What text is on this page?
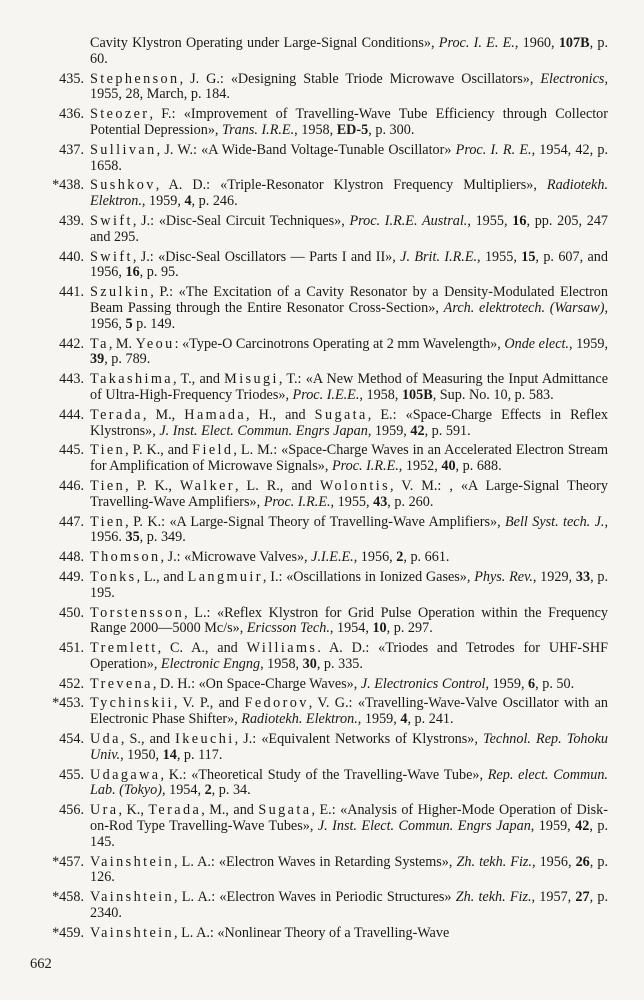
Cavity Klystron Operating under Large-Signal Conditions», Proc. I. E. E., 1960, 107B, p. 60.
435. Stephenson, J. G.: «Designing Stable Triode Microwave Oscillators», Electronics, 1955, 28, March, p. 184.
436. Steozer, F.: «Improvement of Travelling-Wave Tube Efficiency through Collector Potential Depression», Trans. I.R.E., 1958, ED-5, p. 300.
437. Sullivan, J. W.: «A Wide-Band Voltage-Tunable Oscillator» Proc. I. R. E., 1954, 42, p. 1658.
*438. Sushkov, A. D.: «Triple-Resonator Klystron Frequency Multipliers», Radiotekh. Elektron., 1959, 4, p. 246.
439. Swift, J.: «Disc-Seal Circuit Techniques», Proc. I.R.E. Austral., 1955, 16, pp. 205, 247 and 295.
440. Swift, J.: «Disc-Seal Oscillators — Parts I and II», J. Brit. I.R.E., 1955, 15, p. 607, and 1956, 16, p. 95.
441. Szulkin, P.: «The Excitation of a Cavity Resonator by a Density-Modulated Electron Beam Passing through the Entire Resonator Cross-Section», Arch. elektrotech. (Warsaw), 1956, 5 p. 149.
442. Ta, M. Yeou: «Type-O Carcinotrons Operating at 2 mm Wavelength», Onde elect., 1959, 39, p. 789.
443. Takashima, T., and Misugi, T.: «A New Method of Measuring the Input Admittance of Ultra-High-Frequency Triodes», Proc. I.E.E., 1958, 105B, Sup. No. 10, p. 583.
444. Terada, M., Hamada, H., and Sugata, E.: «Space-Charge Effects in Reflex Klystrons», J. Inst. Elect. Commun. Engrs Japan, 1959, 42, p. 591.
445. Tien, P. K., and Field, L. M.: «Space-Charge Waves in an Accelerated Electron Stream for Amplification of Microwave Signals», Proc. I.R.E., 1952, 40, p. 688.
446. Tien, P. K., Walker, L. R., and Wolontis, V. M.: , «A Large-Signal Theory Travelling-Wave Amplifiers», Proc. I.R.E., 1955, 43, p. 260.
447. Tien, P. K.: «A Large-Signal Theory of Travelling-Wave Amplifiers», Bell Syst. tech. J., 1956. 35, p. 349.
448. Thomson, J.: «Microwave Valves», J.I.E.E., 1956, 2, p. 661.
449. Tonks, L., and Langmuir, I.: «Oscillations in Ionized Gases», Phys. Rev., 1929, 33, p. 195.
450. Torstensson, L.: «Reflex Klystron for Grid Pulse Operation within the Frequency Range 2000—5000 Mc/s», Ericsson Tech., 1954, 10, p. 297.
451. Tremlett, C. A., and Williams. A. D.: «Triodes and Tetrodes for UHF-SHF Operation», Electronic Engng, 1958, 30, p. 335.
452. Trevena, D. H.: «On Space-Charge Waves», J. Electronics Control, 1959, 6, p. 50.
*453. Tychinskii, V. P., and Fedorov, V. G.: «Travelling-Wave-Valve Oscillator with an Electronic Phase Shifter», Radiotekh. Elektron., 1959, 4, p. 241.
454. Uda, S., and Ikeuchi, J.: «Equivalent Networks of Klystrons», Technol. Rep. Tohoku Univ., 1950, 14, p. 117.
455. Udagawa, K.: «Theoretical Study of the Travelling-Wave Tube», Rep. elect. Commun. Lab. (Tokyo), 1954, 2, p. 34.
456. Ura, K., Terada, M., and Sugata, E.: «Analysis of Higher-Mode Operation of Disk-on-Rod Type Travelling-Wave Tubes», J. Inst. Elect. Commun. Engrs Japan, 1959, 42, p. 145.
*457. Vainshtein, L. A.: «Electron Waves in Retarding Systems», Zh. tekh. Fiz., 1956, 26, p. 126.
*458. Vainshtein, L. A.: «Electron Waves in Periodic Structures» Zh. tekh. Fiz., 1957, 27, p. 2340.
*459. Vainshtein, L. A.: «Nonlinear Theory of a Travelling-Wave
662
